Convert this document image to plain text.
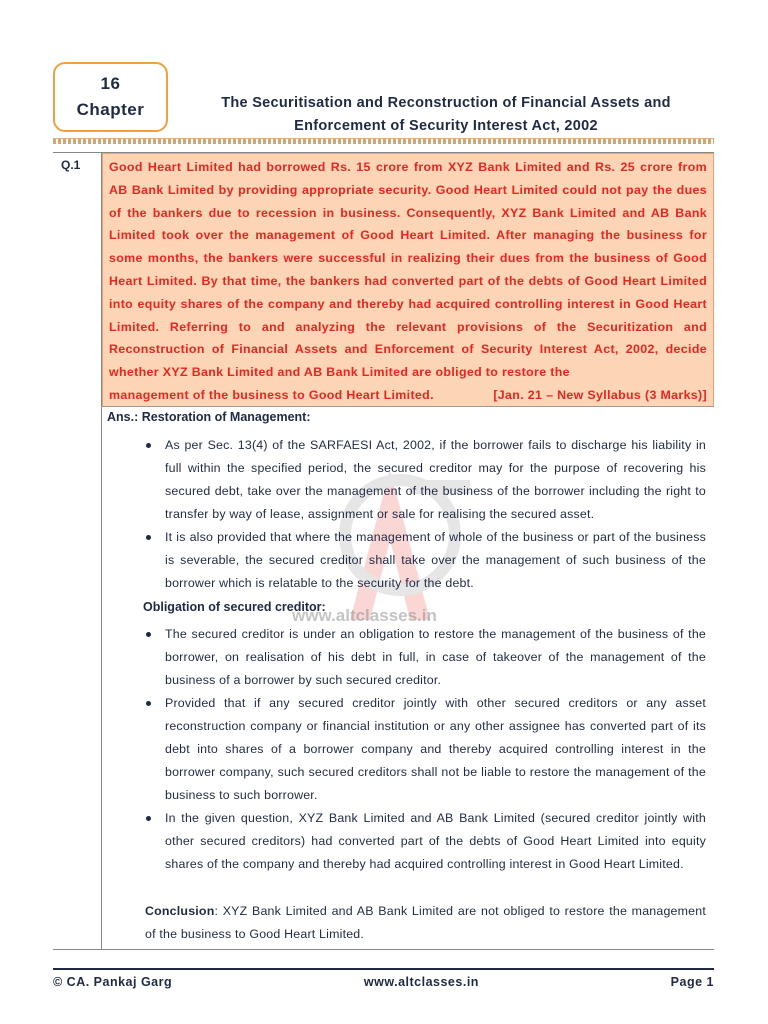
16
Chapter	The Securitisation and Reconstruction of Financial Assets and
Enforcement of Security Interest Act, 2002
Q.1	Good Heart Limited had borrowed Rs. 15 crore from XYZ Bank Limited and Rs. 25 crore from AB Bank Limited by providing appropriate security. Good Heart Limited could not pay the dues of the bankers due to recession in business. Consequently, XYZ Bank Limited and AB Bank Limited took over the management of Good Heart Limited. After managing the business for some months, the bankers were successful in realizing their dues from the business of Good Heart Limited. By that time, the bankers had converted part of the debts of Good Heart Limited into equity shares of the company and thereby had acquired controlling interest in Good Heart Limited. Referring to and analyzing the relevant provisions of the Securitization and Reconstruction of Financial Assets and Enforcement of Security Interest Act, 2002, decide whether XYZ Bank Limited and AB Bank Limited are obliged to restore the
management of the business to Good Heart Limited.	[Jan. 21 – New Syllabus (3 Marks)]
www.altclasses.in
Ans.: Restoration of Management:
As per Sec. 13(4) of the SARFAESI Act, 2002, if the borrower fails to discharge his liability in full within the specified period, the secured creditor may for the purpose of recovering his secured debt, take over the management of the business of the borrower including the right to transfer by way of lease, assignment or sale for realising the secured asset.
It is also provided that where the management of whole of the business or part of the business is severable, the secured creditor shall take over the management of such business of the borrower which is relatable to the security for the debt.
Obligation of secured creditor:
The secured creditor is under an obligation to restore the management of the business of the borrower, on realisation of his debt in full, in case of takeover of the management of the business of a borrower by such secured creditor.
Provided that if any secured creditor jointly with other secured creditors or any asset reconstruction company or financial institution or any other assignee has converted part of its debt into shares of a borrower company and thereby acquired controlling interest in the borrower company, such secured creditors shall not be liable to restore the management of the business to such borrower.
In the given question, XYZ Bank Limited and AB Bank Limited (secured creditor jointly with other secured creditors) had converted part of the debts of Good Heart Limited into equity shares of the company and thereby had acquired controlling interest in Good Heart Limited.
Conclusion: XYZ Bank Limited and AB Bank Limited are not obliged to restore the management of the business to Good Heart Limited.
© CA. Pankaj Garg	www.altclasses.in	Page 1
